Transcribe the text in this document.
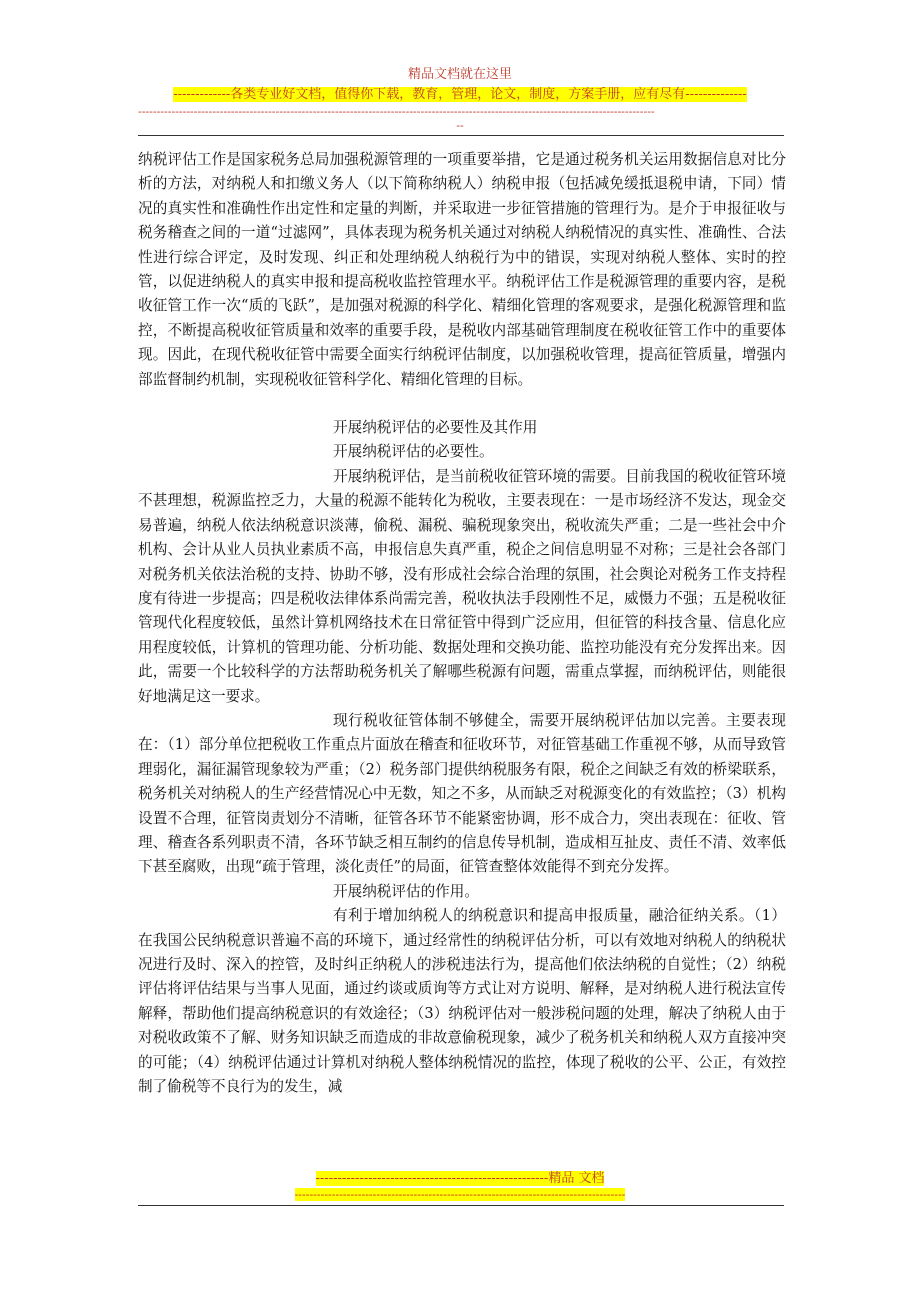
精品文档就在这里
-------------各类专业好文档，值得你下载，教育，管理，论文，制度，方案手册，应有尽有--------------
-------------------------------------------------------------------------------------------------------------------------------------------
--

纳税评估工作是国家税务总局加强税源管理的一项重要举措，它是通过税务机关运用数据信息对比分析的方法，对纳税人和扣缴义务人（以下简称纳税人）纳税申报（包括减免缓抵退税申请，下同）情况的真实性和准确性作出定性和定量的判断，并采取进一步征管措施的管理行为。是介于申报征收与税务稽查之间的一道“过滤网”，具体表现为税务机关通过对纳税人纳税情况的真实性、准确性、合法性进行综合评定，及时发现、纠正和处理纳税人纳税行为中的错误，实现对纳税人整体、实时的控管，以促进纳税人的真实申报和提高税收监控管理水平。纳税评估工作是税源管理的重要内容，是税收征管工作一次“质的飞跃”，是加强对税源的科学化、精细化管理的客观要求，是强化税源管理和监控，不断提高税收征管质量和效率的重要手段，是税收内部基础管理制度在税收征管工作中的重要体现。因此，在现代税收征管中需要全面实行纳税评估制度，以加强税收管理，提高征管质量，增强内部监督制约机制，实现税收征管科学化、精细化管理的目标。

开展纳税评估的必要性及其作用

开展纳税评估的必要性。

开展纳税评估，是当前税收征管环境的需要。目前我国的税收征管环境不甚理想，税源监控乏力，大量的税源不能转化为税收，主要表现在：一是市场经济不发达，现金交易普遍，纳税人依法纳税意识淡薄，偷税、漏税、骗税现象突出，税收流失严重；二是一些社会中介机构、会计从业人员执业素质不高，申报信息失真严重，税企之间信息明显不对称；三是社会各部门对税务机关依法治税的支持、协助不够，没有形成社会综合治理的氛围，社会舆论对税务工作支持程度有待进一步提高；四是税收法律体系尚需完善，税收执法手段刚性不足，威慑力不强；五是税收征管现代化程度较低，虽然计算机网络技术在日常征管中得到广泛应用，但征管的科技含量、信息化应用程度较低，计算机的管理功能、分析功能、数据处理和交换功能、监控功能没有充分发挥出来。因此，需要一个比较科学的方法帮助税务机关了解哪些税源有问题，需重点掌握，而纳税评估，则能很好地满足这一要求。

现行税收征管体制不够健全，需要开展纳税评估加以完善。主要表现在：（1）部分单位把税收工作重点片面放在稽查和征收环节，对征管基础工作重视不够，从而导致管理弱化，漏征漏管现象较为严重；（2）税务部门提供纳税服务有限，税企之间缺乏有效的桥梁联系，税务机关对纳税人的生产经营情况心中无数，知之不多，从而缺乏对税源变化的有效监控；（3）机构设置不合理，征管岗责划分不清晰，征管各环节不能紧密协调，形不成合力，突出表现在：征收、管理、稽查各系列职责不清，各环节缺乏相互制约的信息传导机制，造成相互扯皮、责任不清、效率低下甚至腐败，出现“疏于管理，淡化责任”的局面，征管查整体效能得不到充分发挥。

开展纳税评估的作用。

有利于增加纳税人的纳税意识和提高申报质量，融洽征纳关系。（1）在我国公民纳税意识普遍不高的环境下，通过经常性的纳税评估分析，可以有效地对纳税人的纳税状况进行及时、深入的控管，及时纠正纳税人的涉税违法行为，提高他们依法纳税的自觉性；（2）纳税评估将评估结果与当事人见面，通过约谈或质询等方式让对方说明、解释，是对纳税人进行税法宣传解释，帮助他们提高纳税意识的有效途径；（3）纳税评估对一般涉税问题的处理，解决了纳税人由于对税收政策不了解、财务知识缺乏而造成的非故意偷税现象，减少了税务机关和纳税人双方直接冲突的可能；（4）纳税评估通过计算机对纳税人整体纳税情况的监控，体现了税收的公平、公正，有效控制了偷税等不良行为的发生，减

-----------------------------------------------------精品 文档
-----------------------------------------------------------------------------------------
